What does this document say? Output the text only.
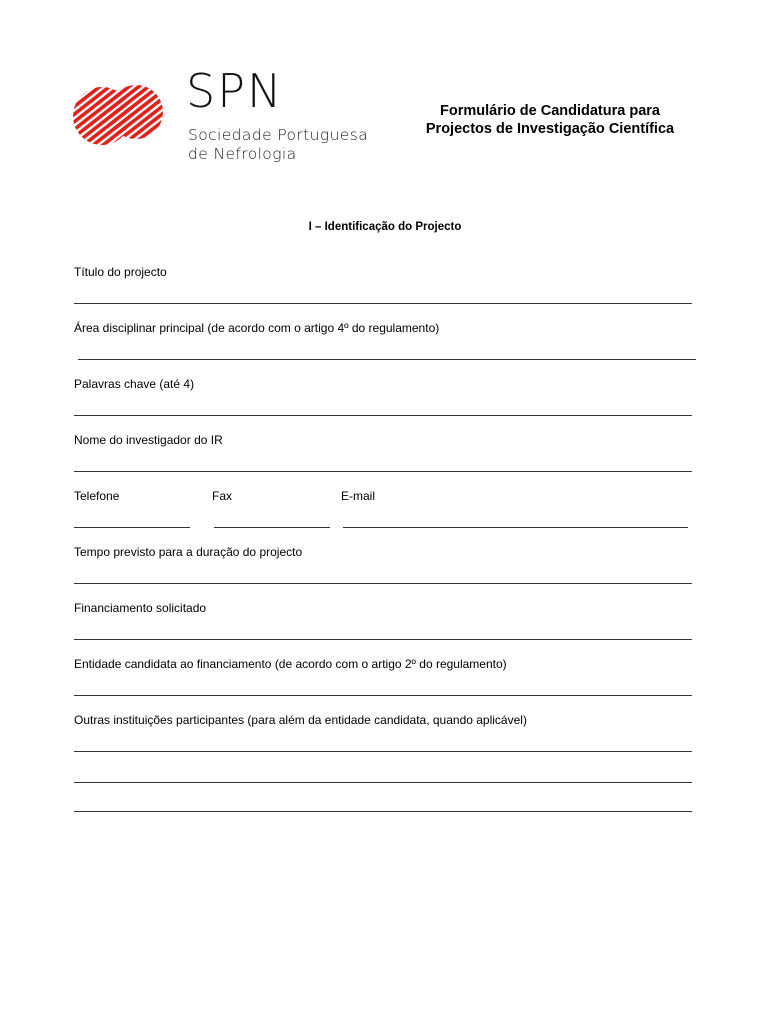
SPN
Sociedade Portuguesa
de Nefrologia
Formulário de Candidatura para
Projectos de Investigação Científica
I – Identificação do Projecto
Título do projecto
Área disciplinar principal (de acordo com o artigo 4º do regulamento)
Palavras chave (até 4)
Nome do investigador do IR
Telefone	Fax	E-mail
Tempo previsto para a duração do projecto
Financiamento solicitado
Entidade candidata ao financiamento (de acordo com o artigo 2º do regulamento)
Outras instituições participantes (para além da entidade candidata, quando aplicável)
